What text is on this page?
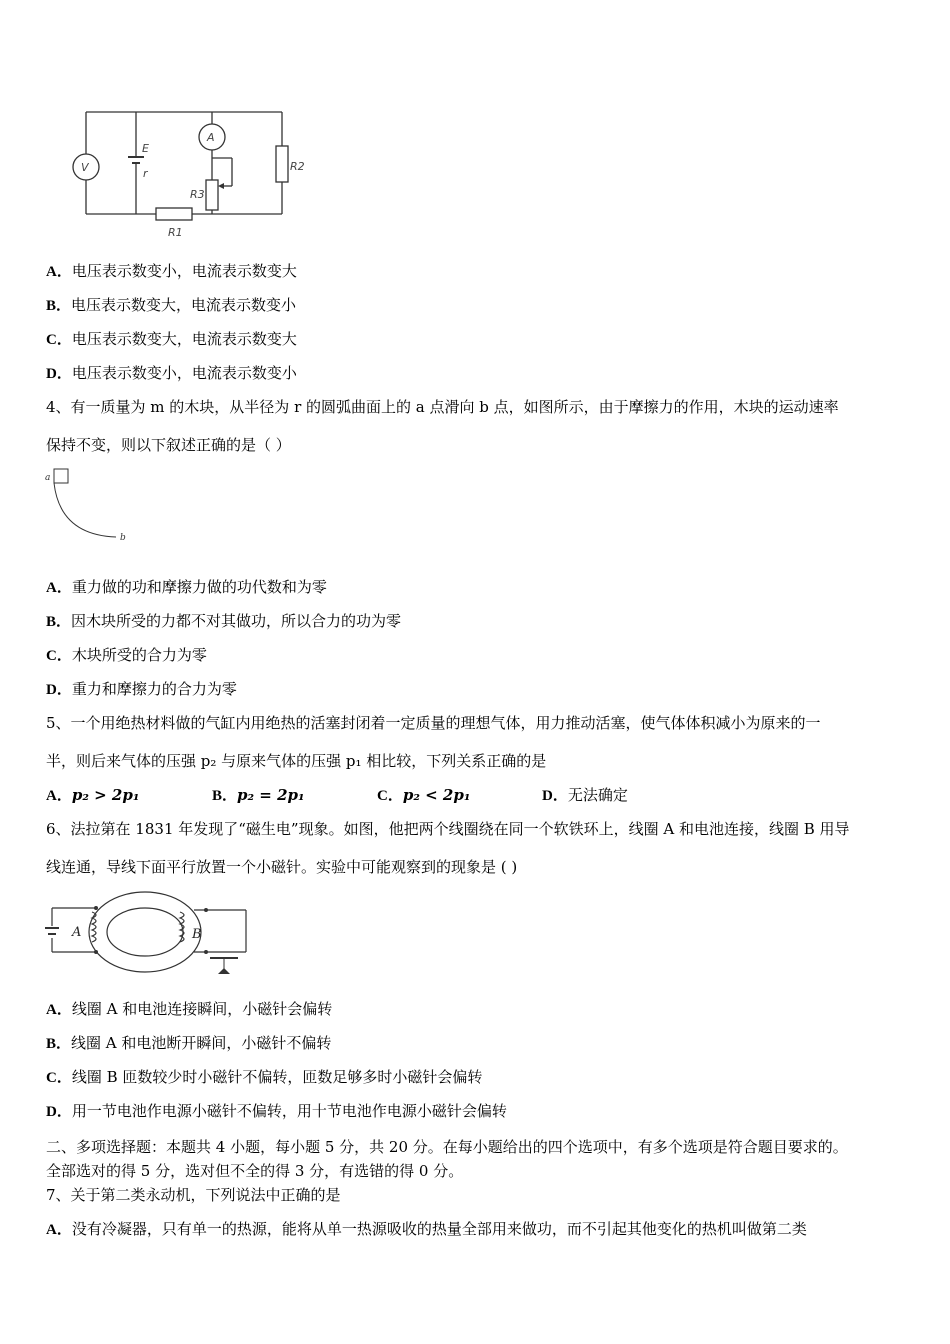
V
A
E
r
R1
R2
R3
A．电压表示数变小，电流表示数变大
B．电压表示数变大，电流表示数变小
C．电压表示数变大，电流表示数变大
D．电压表示数变小，电流表示数变小
4、有一质量为 m 的木块，从半径为 r 的圆弧曲面上的 a 点滑向 b 点，如图所示，由于摩擦力的作用，木块的运动速率
保持不变，则以下叙述正确的是（ ）
a
b
A．重力做的功和摩擦力做的功代数和为零
B．因木块所受的力都不对其做功，所以合力的功为零
C．木块所受的合力为零
D．重力和摩擦力的合力为零
5、一个用绝热材料做的气缸内用绝热的活塞封闭着一定质量的理想气体，用力推动活塞，使气体体积减小为原来的一
半，则后来气体的压强 p₂ 与原来气体的压强 p₁ 相比较，下列关系正确的是
A．p₂ > 2p₁	B．p₂ = 2p₁	C．p₂ < 2p₁	D．无法确定
6、法拉第在 1831 年发现了“磁生电”现象。如图，他把两个线圈绕在同一个软铁环上，线圈 A 和电池连接，线圈 B 用导
线连通，导线下面平行放置一个小磁针。实验中可能观察到的现象是 ( )
A	B
A．线圈 A 和电池连接瞬间，小磁针会偏转
B．线圈 A 和电池断开瞬间，小磁针不偏转
C．线圈 B 匝数较少时小磁针不偏转，匝数足够多时小磁针会偏转
D．用一节电池作电源小磁针不偏转，用十节电池作电源小磁针会偏转
二、多项选择题：本题共 4 小题，每小题 5 分，共 20 分。在每小题给出的四个选项中，有多个选项是符合题目要求的。
全部选对的得 5 分，选对但不全的得 3 分，有选错的得 0 分。
7、关于第二类永动机，下列说法中正确的是
A．没有冷凝器，只有单一的热源，能将从单一热源吸收的热量全部用来做功，而不引起其他变化的热机叫做第二类
